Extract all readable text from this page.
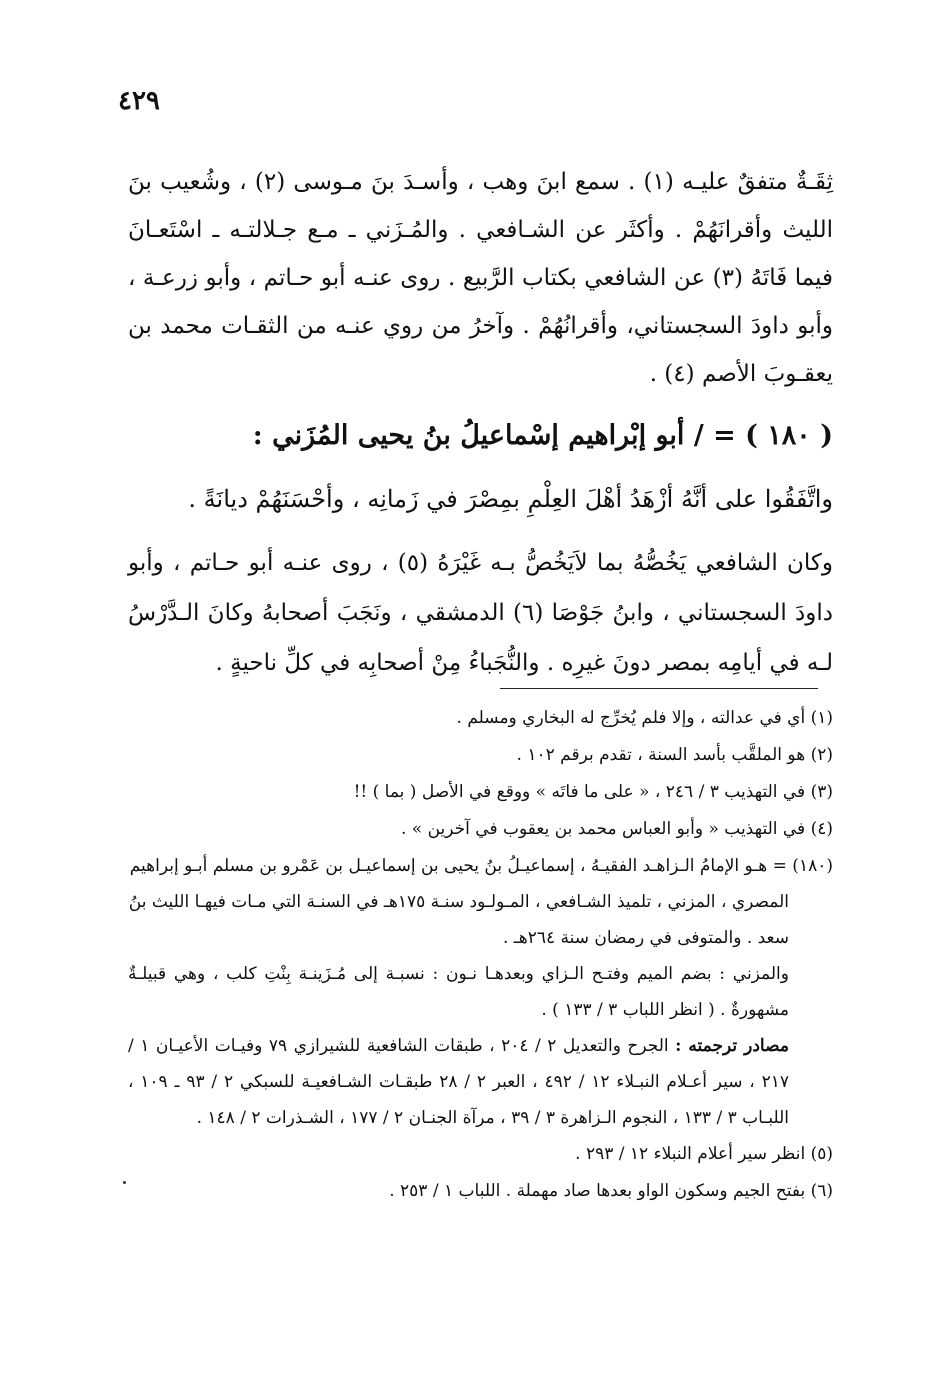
٤٢٩
ثِقَـةٌ متفقٌ عليـه (١) . سمع ابنَ وهب ، وأسـدَ بنَ مـوسى (٢) ، وشُعيب بنَ الليث وأقرانَهُمْ . وأكثَر عن الشـافعي . والمُـزَني ـ مـع جـلالتـه ـ اسْتَعـانَ فيما فَاتَهُ (٣) عن الشافعي بكتاب الرَّبيع . روى عنـه أبو حـاتم ، وأبو زرعـة ، وأبو داودَ السجستاني، وأقرانُهُمْ . وآخرُ من روي عنـه من الثقـات محمد بن يعقـوبَ الأصم (٤) .
( ١٨٠ ) = / أبو إبْراهيم إسْماعيلُ بنُ يحيى المُزَني :
واتَّفَقُوا على أنَّهُ أزْهَدُ أهْلَ العِلْمِ بمِصْرَ في زَمانِه ، وأحْسَنَهُمْ ديانَةً .
وكان الشافعي يَخُصُّهُ بما لاَيَخُصُّ بـه غَيْرَهُ (٥) ، روى عنـه أبو حـاتم ، وأبو داودَ السجستاني ، وابنُ جَوْصَا (٦) الدمشقي ، ونَجَبَ أصحابهُ وكانَ الـدَّرْسُ لـه في أيامِه بمصر دونَ غيرِه . والنُّجَباءُ مِنْ أصحابِه في كلِّ ناحيةٍ .
(١) أي في عدالته ، وإلا فلم يُخرِّج له البخاري ومسلم .
(٢) هو الملقَّب بأسد السنة ، تقدم برقم ١٠٢ .
(٣) في التهذيب ٣ / ٢٤٦ ، « على ما فاتَه » ووقع في الأصل ( بما ) !!
(٤) في التهذيب « وأبو العباس محمد بن يعقوب في آخرين » .
(١٨٠) = هـو الإمامُ الـزاهـد الفقيـهُ ، إسماعيـلُ بنُ يحيى بن إسماعيـل بن عَمْرو بن مسلم أبـو إبراهيم
المصري ، المزني ، تلميذ الشـافعي ، المـولـود سنـة ١٧٥هـ في السنـة التي مـات فيهـا الليث بنُ
سعد . والمتوفى في رمضان سنة ٢٦٤هـ .
والمزني : بضم الميم وفتـح الـزاي وبعدهـا نـون : نسبـة إلى مُـزَينـة بِنْتِ كلب ، وهي قبيلـةٌ مشهورةٌ . ( انظر اللباب ٣ / ١٣٣ ) .
مصادر ترجمته : الجرح والتعديل ٢ / ٢٠٤ ، طبقات الشافعية للشيرازي ٧٩ وفيـات الأعيـان ١ / ٢١٧ ، سير أعـلام النبـلاء ١٢ / ٤٩٢ ، العبر ٢ / ٢٨ طبقـات الشـافعيـة للسبكي ٢ / ٩٣ ـ ١٠٩ ، اللبـاب ٣ / ١٣٣ ، النجوم الـزاهرة ٣ / ٣٩ ، مرآة الجنـان ٢ / ١٧٧ ، الشـذرات ٢ / ١٤٨ .
(٥) انظر سير أعلام النبلاء ١٢ / ٢٩٣ .
(٦) بفتح الجيم وسكون الواو بعدها صاد مهملة . اللباب ١ / ٢٥٣ .
